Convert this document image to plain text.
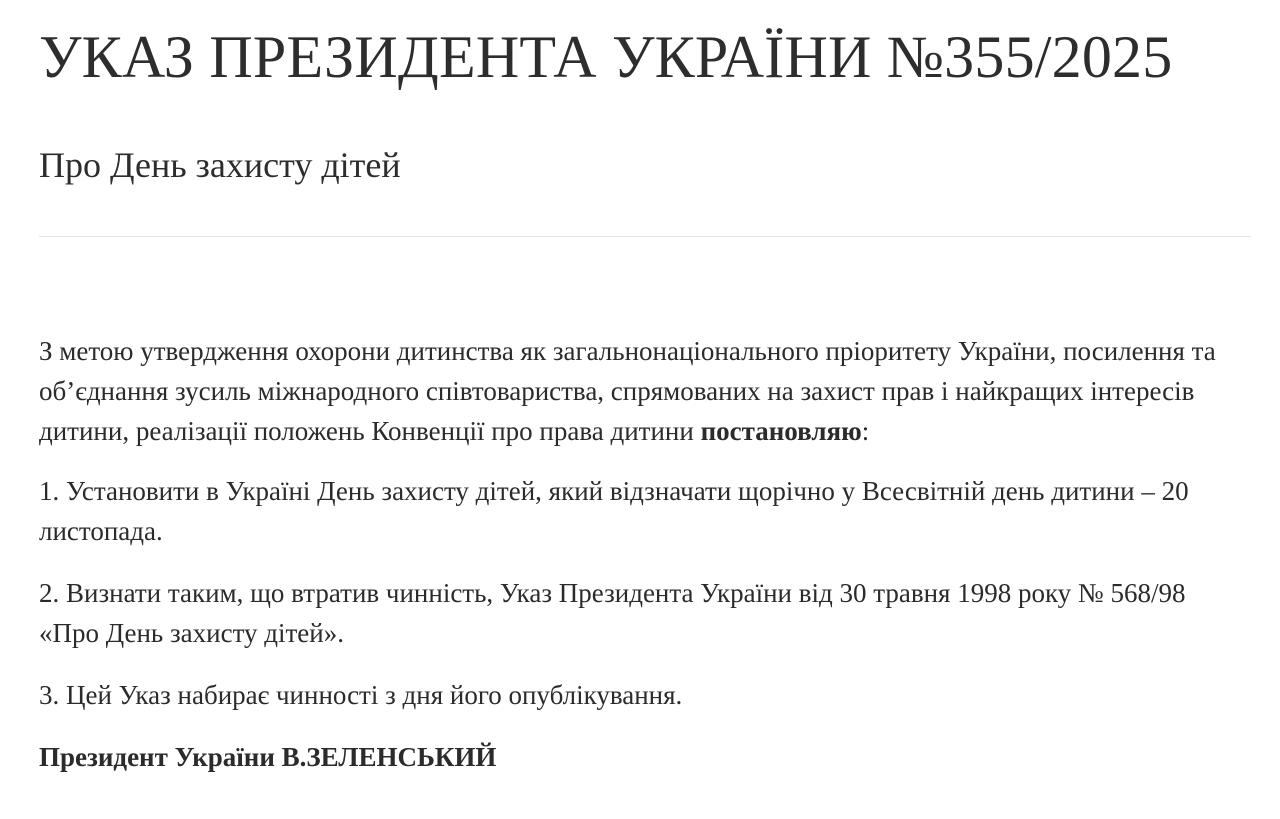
УКАЗ ПРЕЗИДЕНТА УКРАЇНИ №355/2025
Про День захисту дітей

З метою утвердження охорони дитинства як загальнонаціонального пріоритету України, посилення та об’єднання зусиль міжнародного співтовариства, спрямованих на захист прав і найкращих інтересів дитини, реалізації положень Конвенції про права дитини постановляю:

1. Установити в Україні День захисту дітей, який відзначати щорічно у Всесвітній день дитини – 20 листопада.

2. Визнати таким, що втратив чинність, Указ Президента України від 30 травня 1998 року № 568/98 «Про День захисту дітей».

3. Цей Указ набирає чинності з дня його опублікування.

Президент України В.ЗЕЛЕНСЬКИЙ
